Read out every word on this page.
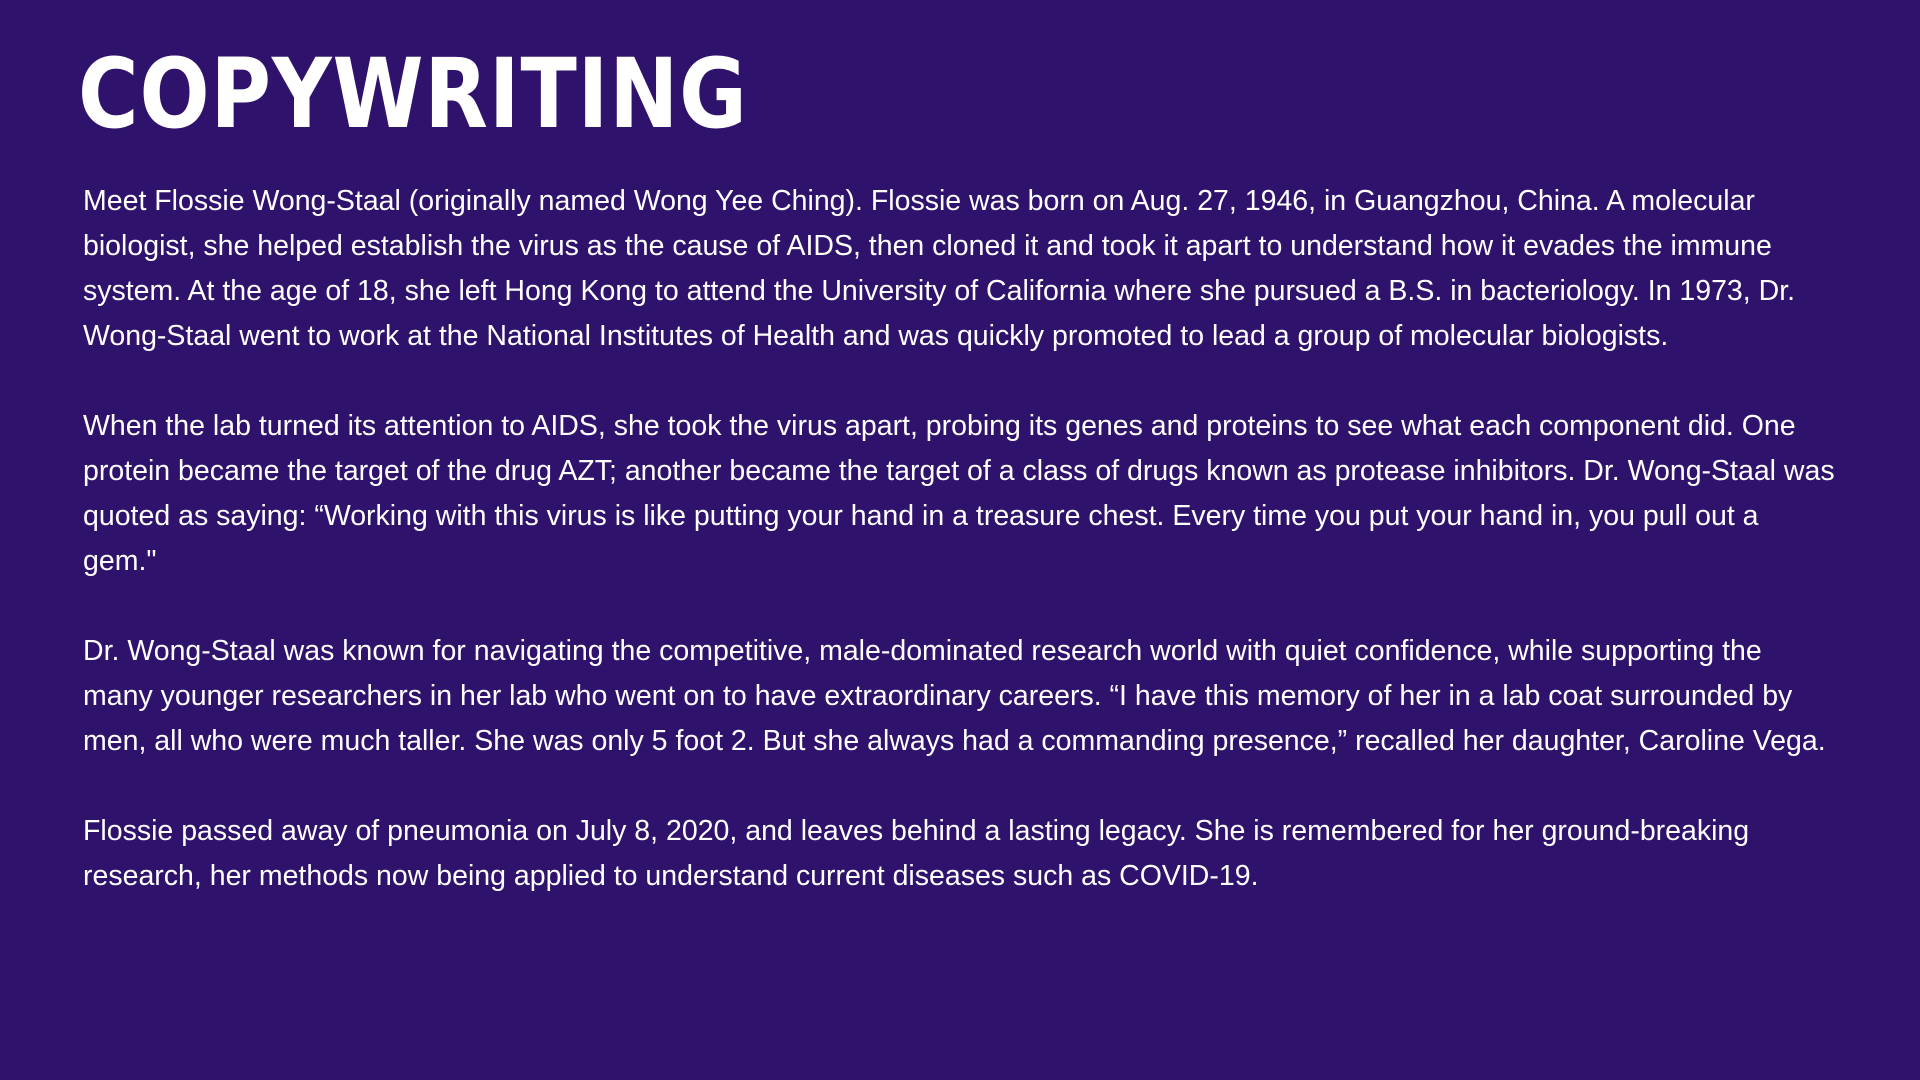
COPYWRITING

Meet Flossie Wong-Staal (originally named Wong Yee Ching). Flossie was born on Aug. 27, 1946, in Guangzhou, China. A molecular biologist, she helped establish the virus as the cause of AIDS, then cloned it and took it apart to understand how it evades the immune system. At the age of 18, she left Hong Kong to attend the University of California where she pursued a B.S. in bacteriology. In 1973, Dr. Wong-Staal went to work at the National Institutes of Health and was quickly promoted to lead a group of molecular biologists.

When the lab turned its attention to AIDS, she took the virus apart, probing its genes and proteins to see what each component did. One protein became the target of the drug AZT; another became the target of a class of drugs known as protease inhibitors. Dr. Wong-Staal was quoted as saying: “Working with this virus is like putting your hand in a treasure chest. Every time you put your hand in, you pull out a gem."

Dr. Wong-Staal was known for navigating the competitive, male-dominated research world with quiet confidence, while supporting the many younger researchers in her lab who went on to have extraordinary careers. “I have this memory of her in a lab coat surrounded by men, all who were much taller. She was only 5 foot 2. But she always had a commanding presence,” recalled her daughter, Caroline Vega.

Flossie passed away of pneumonia on July 8, 2020, and leaves behind a lasting legacy. She is remembered for her ground-breaking research, her methods now being applied to understand current diseases such as COVID-19.
